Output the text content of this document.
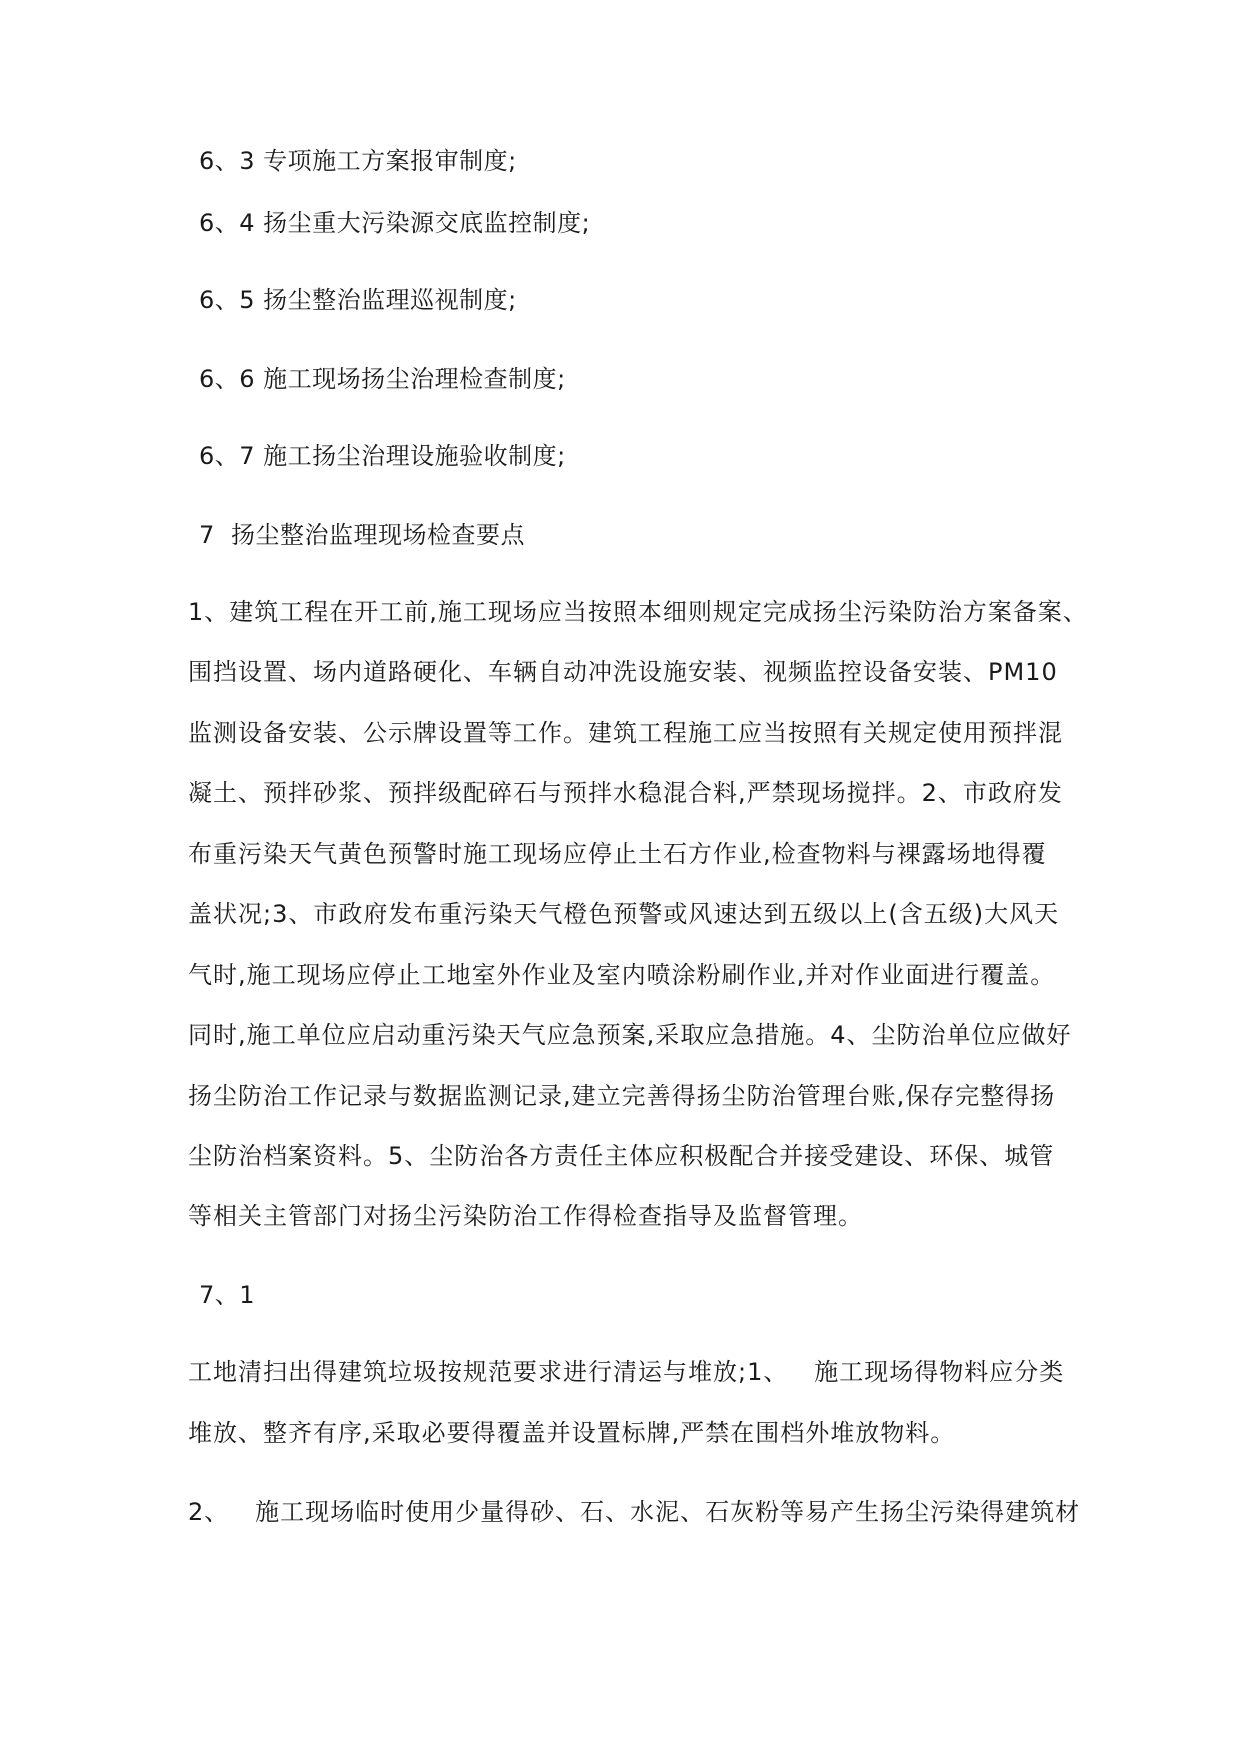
6、3 专项施工方案报审制度;
6、4 扬尘重大污染源交底监控制度;
6、5 扬尘整治监理巡视制度;
6、6 施工现场扬尘治理检查制度;
6、7 施工扬尘治理设施验收制度;
7  扬尘整治监理现场检查要点
1、建筑工程在开工前,施工现场应当按照本细则规定完成扬尘污染防治方案备案、
围挡设置、场内道路硬化、车辆自动冲洗设施安装、视频监控设备安装、PM10
监测设备安装、公示牌设置等工作。建筑工程施工应当按照有关规定使用预拌混
凝土、预拌砂浆、预拌级配碎石与预拌水稳混合料,严禁现场搅拌。2、市政府发
布重污染天气黄色预警时施工现场应停止土石方作业,检查物料与裸露场地得覆
盖状况;3、市政府发布重污染天气橙色预警或风速达到五级以上(含五级)大风天
气时,施工现场应停止工地室外作业及室内喷涂粉刷作业,并对作业面进行覆盖。
同时,施工单位应启动重污染天气应急预案,采取应急措施。4、尘防治单位应做好
扬尘防治工作记录与数据监测记录,建立完善得扬尘防治管理台账,保存完整得扬
尘防治档案资料。5、尘防治各方责任主体应积极配合并接受建设、环保、城管
等相关主管部门对扬尘污染防治工作得检查指导及监督管理。
7、1
工地清扫出得建筑垃圾按规范要求进行清运与堆放;1、   施工现场得物料应分类
堆放、整齐有序,采取必要得覆盖并设置标牌,严禁在围档外堆放物料。
2、   施工现场临时使用少量得砂、石、水泥、石灰粉等易产生扬尘污染得建筑材
